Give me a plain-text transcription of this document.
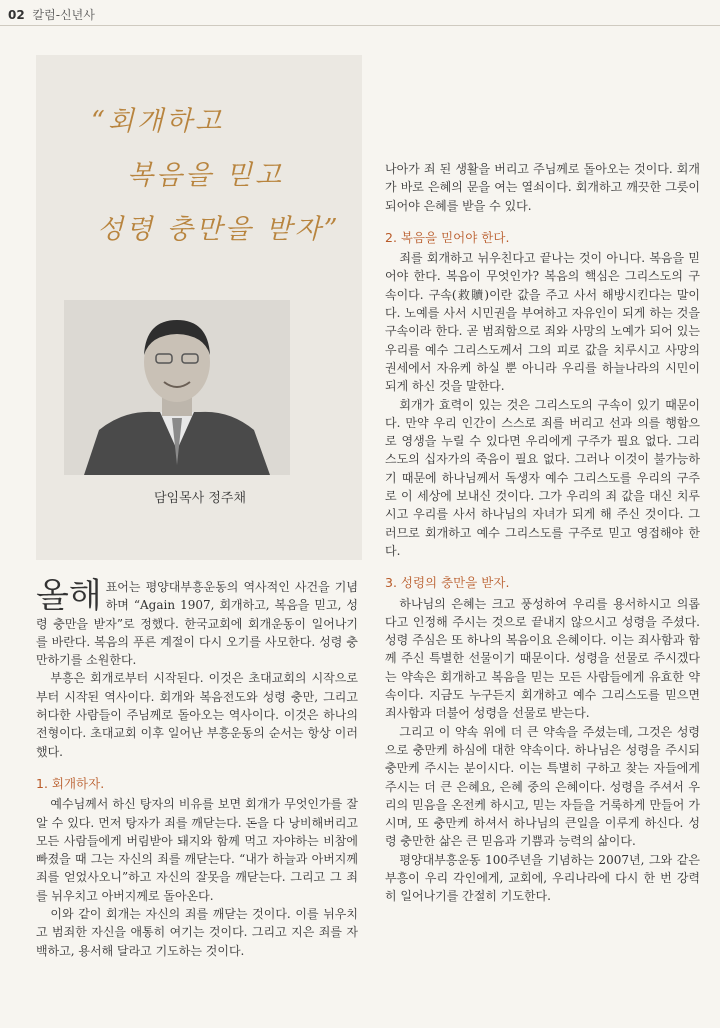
02 칼럼-신년사
“회개하고
복음을 믿고
성령 충만을 받자”
담임목사 정주채

올해 표어는 평양대부흥운동의 역사적인 사건을 기념하며 “Again 1907, 회개하고, 복음을 믿고, 성령 충만을 받자”로 정했다. 한국교회에 회개운동이 일어나기를 바란다. 복음의 푸른 계절이 다시 오기를 사모한다. 성령 충만하기를 소원한다.

부흥은 회개로부터 시작된다. 이것은 초대교회의 시작으로부터 시작된 역사이다. 회개와 복음전도와 성령 충만, 그리고 허다한 사람들이 주님께로 돌아오는 역사이다. 이것은 하나의 전형이다. 초대교회 이후 일어난 부흥운동의 순서는 항상 이러했다.

1. 회개하자.

예수님께서 하신 탕자의 비유를 보면 회개가 무엇인가를 잘 알 수 있다. 먼저 탕자가 죄를 깨닫는다. 돈을 다 낭비해버리고 모든 사람들에게 버림받아 돼지와 함께 먹고 자야하는 비참에 빠졌을 때 그는 자신의 죄를 깨닫는다. “내가 하늘과 아버지께 죄를 얻었사오니”하고 자신의 잘못을 깨닫는다. 그리고 그 죄를 뉘우치고 아버지께로 돌아온다.

이와 같이 회개는 자신의 죄를 깨닫는 것이다. 이를 뉘우치고 범죄한 자신을 애통히 여기는 것이다. 그리고 지은 죄를 자백하고, 용서해 달라고 기도하는 것이다.

나아가 죄 된 생활을 버리고 주님께로 돌아오는 것이다. 회개가 바로 은혜의 문을 여는 열쇠이다. 회개하고 깨끗한 그릇이 되어야 은혜를 받을 수 있다.

2. 복음을 믿어야 한다.

죄를 회개하고 뉘우친다고 끝나는 것이 아니다. 복음을 믿어야 한다. 복음이 무엇인가? 복음의 핵심은 그리스도의 구속이다. 구속(救贖)이란 값을 주고 사서 해방시킨다는 말이다. 노예를 사서 시민권을 부여하고 자유인이 되게 하는 것을 구속이라 한다. 곧 범죄함으로 죄와 사망의 노예가 되어 있는 우리를 예수 그리스도께서 그의 피로 값을 치루시고 사망의 권세에서 자유케 하실 뿐 아니라 우리를 하늘나라의 시민이 되게 하신 것을 말한다.

회개가 효력이 있는 것은 그리스도의 구속이 있기 때문이다. 만약 우리 인간이 스스로 죄를 버리고 선과 의를 행함으로 영생을 누릴 수 있다면 우리에게 구주가 필요 없다. 그리스도의 십자가의 죽음이 필요 없다. 그러나 이것이 불가능하기 때문에 하나님께서 독생자 예수 그리스도를 우리의 구주로 이 세상에 보내신 것이다. 그가 우리의 죄 값을 대신 치루시고 우리를 사서 하나님의 자녀가 되게 해 주신 것이다. 그러므로 회개하고 예수 그리스도를 구주로 믿고 영접해야 한다.

3. 성령의 충만을 받자.

하나님의 은혜는 크고 풍성하여 우리를 용서하시고 의롭다고 인정해 주시는 것으로 끝내지 않으시고 성령을 주셨다. 성령 주심은 또 하나의 복음이요 은혜이다. 이는 죄사함과 함께 주신 특별한 선물이기 때문이다. 성령을 선물로 주시겠다는 약속은 회개하고 복음을 믿는 모든 사람들에게 유효한 약속이다. 지금도 누구든지 회개하고 예수 그리스도를 믿으면 죄사함과 더불어 성령을 선물로 받는다.

그리고 이 약속 위에 더 큰 약속을 주셨는데, 그것은 성령으로 충만케 하심에 대한 약속이다. 하나님은 성령을 주시되 충만케 주시는 분이시다. 이는 특별히 구하고 찾는 자들에게 주시는 더 큰 은혜요, 은혜 중의 은혜이다. 성령을 주셔서 우리의 믿음을 온전케 하시고, 믿는 자들을 거룩하게 만들어 가시며, 또 충만케 하셔서 하나님의 큰일을 이루게 하신다. 성령 충만한 삶은 큰 믿음과 기쁨과 능력의 삶이다.

평양대부흥운동 100주년을 기념하는 2007년, 그와 같은 부흥이 우리 각인에게, 교회에, 우리나라에 다시 한 번 강력히 일어나기를 간절히 기도한다.
